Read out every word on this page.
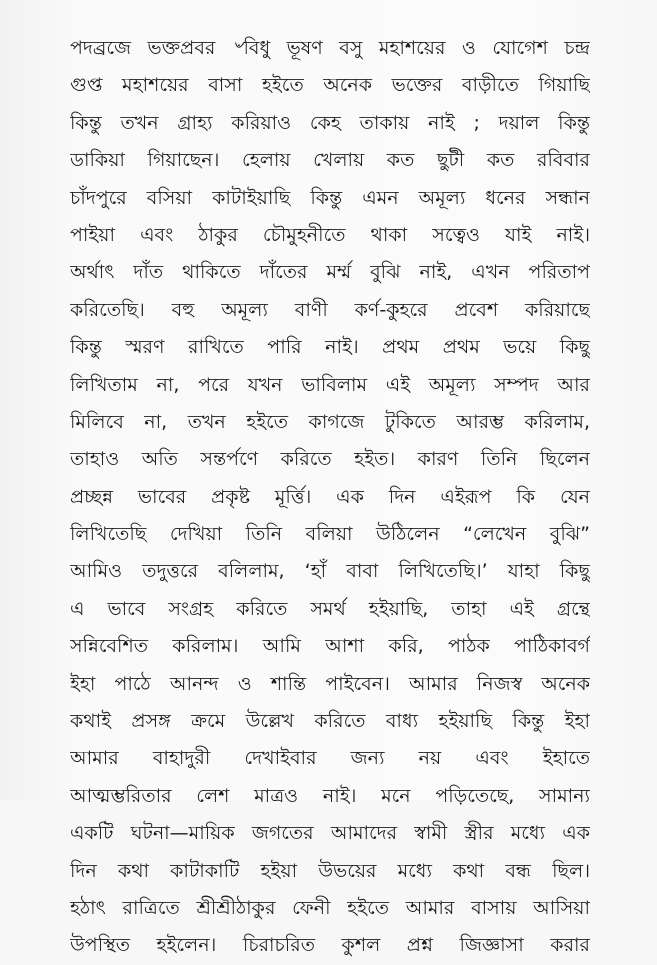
পদব্রজে ভক্তপ্রবর ৺বিধু ভূষণ বসু মহাশয়ের ও যোগেশ চন্দ্র
গুপ্ত মহাশয়ের বাসা হইতে অনেক ভক্তের বাড়ীতে গিয়াছি
কিন্তু তখন গ্রাহ্য করিয়াও কেহ তাকায় নাই ; দয়াল কিন্তু
ডাকিয়া গিয়াছেন। হেলায় খেলায় কত ছুটী কত রবিবার
চাঁদপুরে বসিয়া কাটাইয়াছি কিন্তু এমন অমূল্য ধনের সন্ধান
পাইয়া এবং ঠাকুর চৌমুহনীতে থাকা সত্বেও যাই নাই।
অর্থাৎ দাঁত থাকিতে দাঁতের মর্ম্ম বুঝি নাই, এখন পরিতাপ
করিতেছি। বহু অমূল্য বাণী কর্ণ-কুহরে প্রবেশ করিয়াছে
কিন্তু স্মরণ রাখিতে পারি নাই। প্রথম প্রথম ভয়ে কিছু
লিখিতাম না, পরে যখন ভাবিলাম এই অমূল্য সম্পদ আর
মিলিবে না, তখন হইতে কাগজে টুকিতে আরম্ভ করিলাম,
তাহাও অতি সন্তর্পণে করিতে হইত। কারণ তিনি ছিলেন
প্রচ্ছন্ন ভাবের প্রকৃষ্ট মূর্ত্তি। এক দিন এইরূপ কি যেন
লিখিতেছি দেখিয়া তিনি বলিয়া উঠিলেন “লেখেন বুঝি”
আমিও তদুত্তরে বলিলাম, ‘হাঁ বাবা লিখিতেছি।’ যাহা কিছু
এ ভাবে সংগ্রহ করিতে সমর্থ হইয়াছি, তাহা এই গ্রন্থে
সন্নিবেশিত করিলাম। আমি আশা করি, পাঠক পাঠিকাবর্গ
ইহা পাঠে আনন্দ ও শান্তি পাইবেন। আমার নিজস্ব অনেক
কথাই প্রসঙ্গ ক্রমে উল্লেখ করিতে বাধ্য হইয়াছি কিন্তু ইহা
আমার বাহাদুরী দেখাইবার জন্য নয় এবং ইহাতে
আত্মম্ভরিতার লেশ মাত্রও নাই। মনে পড়িতেছে, সামান্য
একটি ঘটনা—মায়িক জগতের আমাদের স্বামী স্ত্রীর মধ্যে এক
দিন কথা কাটাকাটি হইয়া উভয়ের মধ্যে কথা বন্ধ ছিল।
হঠাৎ রাত্রিতে শ্রীশ্রীঠাকুর ফেনী হইতে আমার বাসায় আসিয়া
উপস্থিত হইলেন। চিরাচরিত কুশল প্রশ্ন জিজ্ঞাসা করার
